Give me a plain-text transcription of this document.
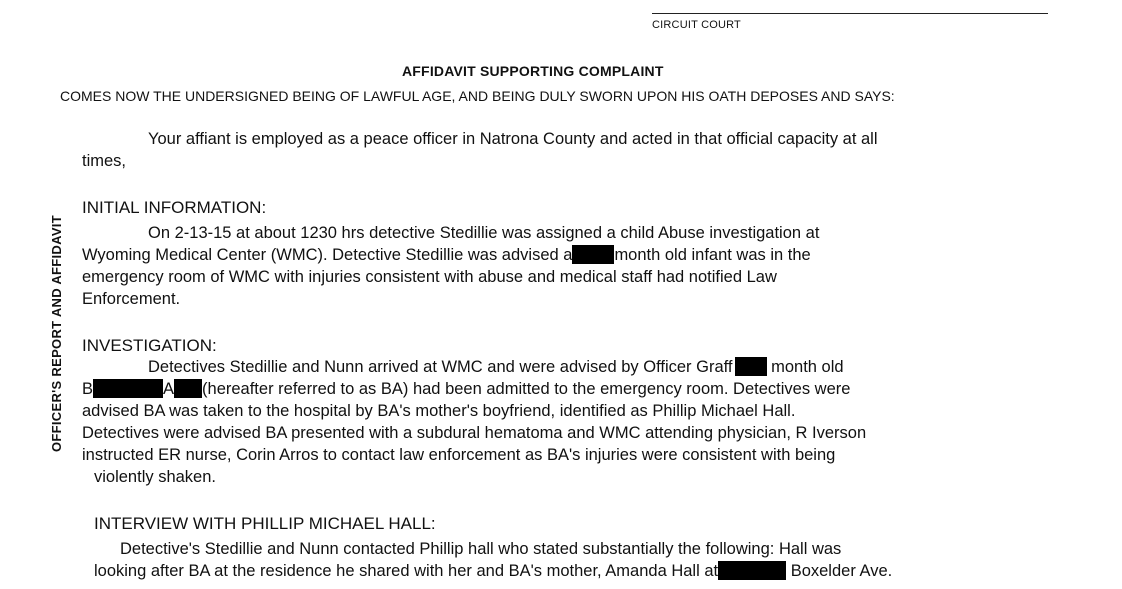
CIRCUIT COURT
AFFIDAVIT SUPPORTING COMPLAINT
COMES NOW THE UNDERSIGNED BEING OF LAWFUL AGE, AND BEING DULY SWORN UPON HIS OATH DEPOSES AND SAYS:
OFFICER'S REPORT AND AFFIDAVIT
Your affiant is employed as a peace officer in Natrona County and acted in that official capacity at all
times,
INITIAL INFORMATION:
On 2-13-15 at about 1230 hrs detective Stedillie was assigned a child Abuse investigation at
Wyoming Medical Center (WMC). Detective Stedillie was advised a	month old infant was in the
emergency room of WMC with injuries consistent with abuse and medical staff had notified Law
Enforcement.
INVESTIGATION:
Detectives Stedillie and Nunn arrived at WMC and were advised by Officer Graff month old
B	A (hereafter referred to as BA) had been admitted to the emergency room. Detectives were
advised BA was taken to the hospital by BA's mother's boyfriend, identified as Phillip Michael Hall.
Detectives were advised BA presented with a subdural hematoma and WMC attending physician, R Iverson
instructed ER nurse, Corin Arros to contact law enforcement as BA's injuries were consistent with being
violently shaken.
INTERVIEW WITH PHILLIP MICHAEL HALL:
Detective's Stedillie and Nunn contacted Phillip hall who stated substantially the following: Hall was
looking after BA at the residence he shared with her and BA's mother, Amanda Hall at	Boxelder Ave.
